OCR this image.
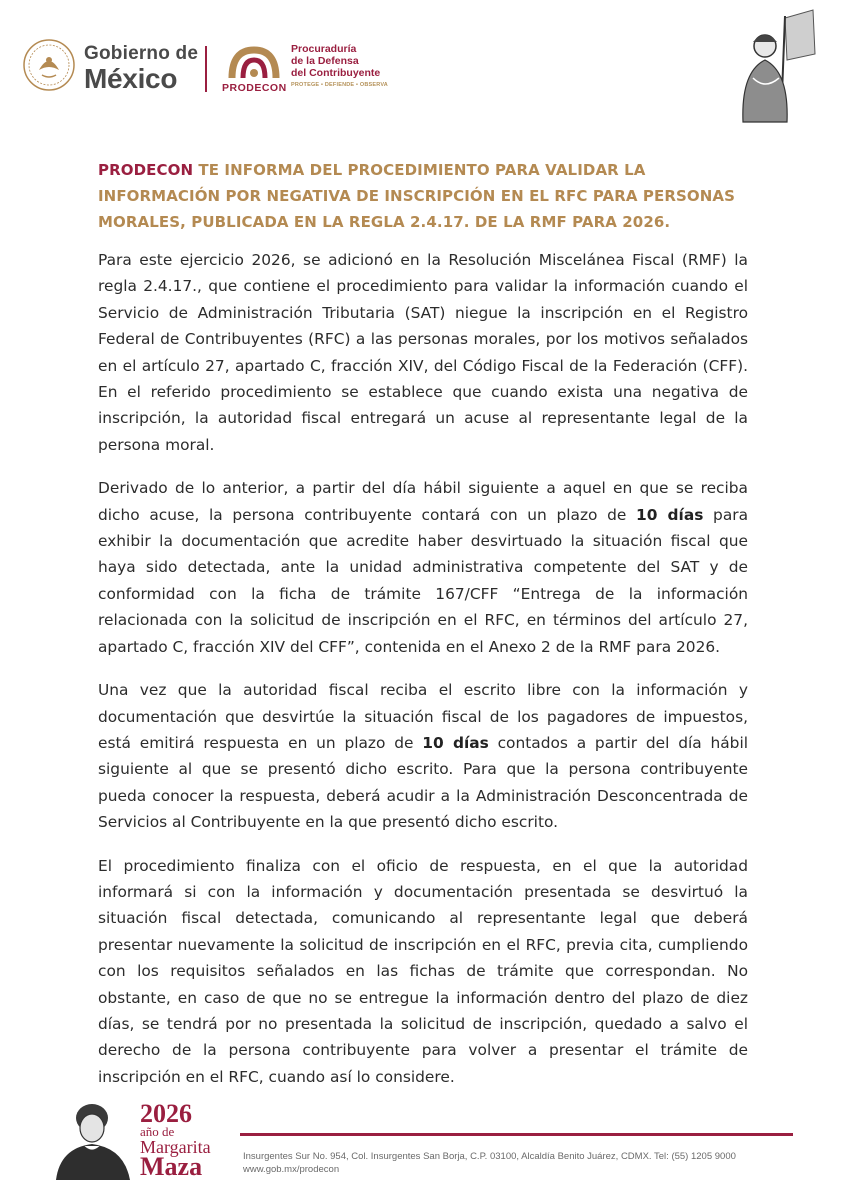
Gobierno de
México	PRODECON
Procuraduría
de la Defensa
del Contribuyente
PROTEGE • DEFIENDE • OBSERVA
PRODECON TE INFORMA DEL PROCEDIMIENTO PARA VALIDAR LA INFORMACIÓN POR NEGATIVA DE INSCRIPCIÓN EN EL RFC PARA PERSONAS MORALES, PUBLICADA EN LA REGLA 2.4.17. DE LA RMF PARA 2026.

Para este ejercicio 2026, se adicionó en la Resolución Miscelánea Fiscal (RMF) la regla 2.4.17., que contiene el procedimiento para validar la información cuando el Servicio de Administración Tributaria (SAT) niegue la inscripción en el Registro Federal de Contribuyentes (RFC) a las personas morales, por los motivos señalados en el artículo 27, apartado C, fracción XIV, del Código Fiscal de la Federación (CFF). En el referido procedimiento se establece que cuando exista una negativa de inscripción, la autoridad fiscal entregará un acuse al representante legal de la persona moral.

Derivado de lo anterior, a partir del día hábil siguiente a aquel en que se reciba dicho acuse, la persona contribuyente contará con un plazo de 10 días para exhibir la documentación que acredite haber desvirtuado la situación fiscal que haya sido detectada, ante la unidad administrativa competente del SAT y de conformidad con la ficha de trámite 167/CFF “Entrega de la información relacionada con la solicitud de inscripción en el RFC, en términos del artículo 27, apartado C, fracción XIV del CFF”, contenida en el Anexo 2 de la RMF para 2026.

Una vez que la autoridad fiscal reciba el escrito libre con la información y documentación que desvirtúe la situación fiscal de los pagadores de impuestos, está emitirá respuesta en un plazo de 10 días contados a partir del día hábil siguiente al que se presentó dicho escrito. Para que la persona contribuyente pueda conocer la respuesta, deberá acudir a la Administración Desconcentrada de Servicios al Contribuyente en la que presentó dicho escrito.

El procedimiento finaliza con el oficio de respuesta, en el que la autoridad informará si con la información y documentación presentada se desvirtuó la situación fiscal detectada, comunicando al representante legal que deberá presentar nuevamente la solicitud de inscripción en el RFC, previa cita, cumpliendo con los requisitos señalados en las fichas de trámite que correspondan. No obstante, en caso de que no se entregue la información dentro del plazo de diez días, se tendrá por no presentada la solicitud de inscripción, quedado a salvo el derecho de la persona contribuyente para volver a presentar el trámite de inscripción en el RFC, cuando así lo considere.

2026
año de
Margarita
Maza	Insurgentes Sur No. 954, Col. Insurgentes San Borja, C.P. 03100, Alcaldía Benito Juárez, CDMX. Tel: (55) 1205 9000
www.gob.mx/prodecon
